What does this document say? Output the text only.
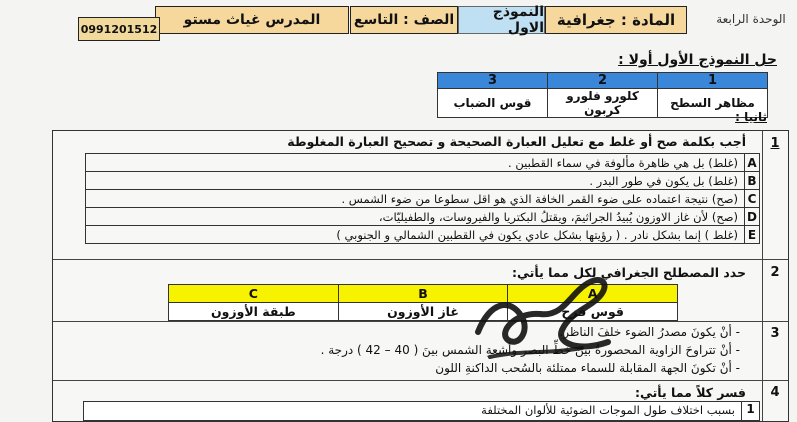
المادة : جغرافية
النموذج الاول
الصف : التاسع
المدرس غياث مستو	الوحدة الرابعة
0991201512
حل النموذج الأول أولا :
1	2	3
مظاهر السطح	كلورو فلورو كربون	قوس الضباب
ثانيا :
1
أجب بكلمة صح أو غلط مع تعليل العبارة الصحيحة و تصحيح العبارة المغلوطة
A	(غلط) بل هي ظاهرة مألوفة في سماء القطبين .
B	(غلط) بل يكون في طور البدر .
C	(صح) نتيجة اعتماده على ضوء القمر الخافة الذي هو اقل سطوعا من ضوء الشمس .
D	(صح) لأن غاز الاوزون يُبيدُ الجراثيمَ، ويقتلُ البكتريا والفيروسات، والطفيليّات،
E	(غلط ) إنما بشكل نادر . ( رؤيتها بشكل عادي يكون في القطبين الشمالي و الجنوبي )
2
حدد المصطلح الجغرافي لكل مما يأتي:
A	B	C
قوس قزح	غاز الأوزون	طبقة الأوزون
3
- أنْ يكونَ مصدرُ الضوء خلفَ الناظر.
- أنْ تتراوحَ الزاوية المحصورةُ بينَ خطِّ البصر وأشعةِ الشمس بينَ ( 40 – 42 ) درجة .
- أنْ تكونَ الجهة المقابلة للسماء ممتلئة بالسُحب الداكنةِ اللون
4
فسر كلاً مما يأتي:
1
بسبب اختلاف طول الموجات الضوئية للألوان المختلفة
